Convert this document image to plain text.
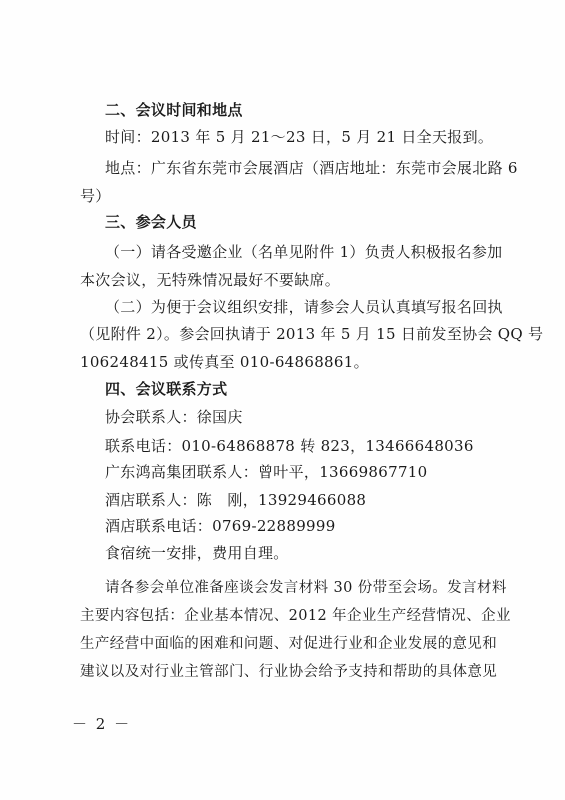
二、会议时间和地点
时间：2013 年 5 月 21～23 日，5 月 21 日全天报到。
地点：广东省东莞市会展酒店（酒店地址：东莞市会展北路 6
号）
三、参会人员
（一）请各受邀企业（名单见附件 1）负责人积极报名参加
本次会议，无特殊情况最好不要缺席。
（二）为便于会议组织安排，请参会人员认真填写报名回执
（见附件 2）。参会回执请于 2013 年 5 月 15 日前发至协会 QQ 号
106248415 或传真至 010-64868861。
四、会议联系方式
协会联系人：徐国庆
联系电话：010-64868878 转 823，13466648036
广东鸿高集团联系人：曾叶平，13669867710
酒店联系人：陈　刚，13929466088
酒店联系电话：0769-22889999
食宿统一安排，费用自理。
请各参会单位准备座谈会发言材料 30 份带至会场。发言材料
主要内容包括：企业基本情况、2012 年企业生产经营情况、企业
生产经营中面临的困难和问题、对促进行业和企业发展的意见和
建议以及对行业主管部门、行业协会给予支持和帮助的具体意见
－ 2 －
